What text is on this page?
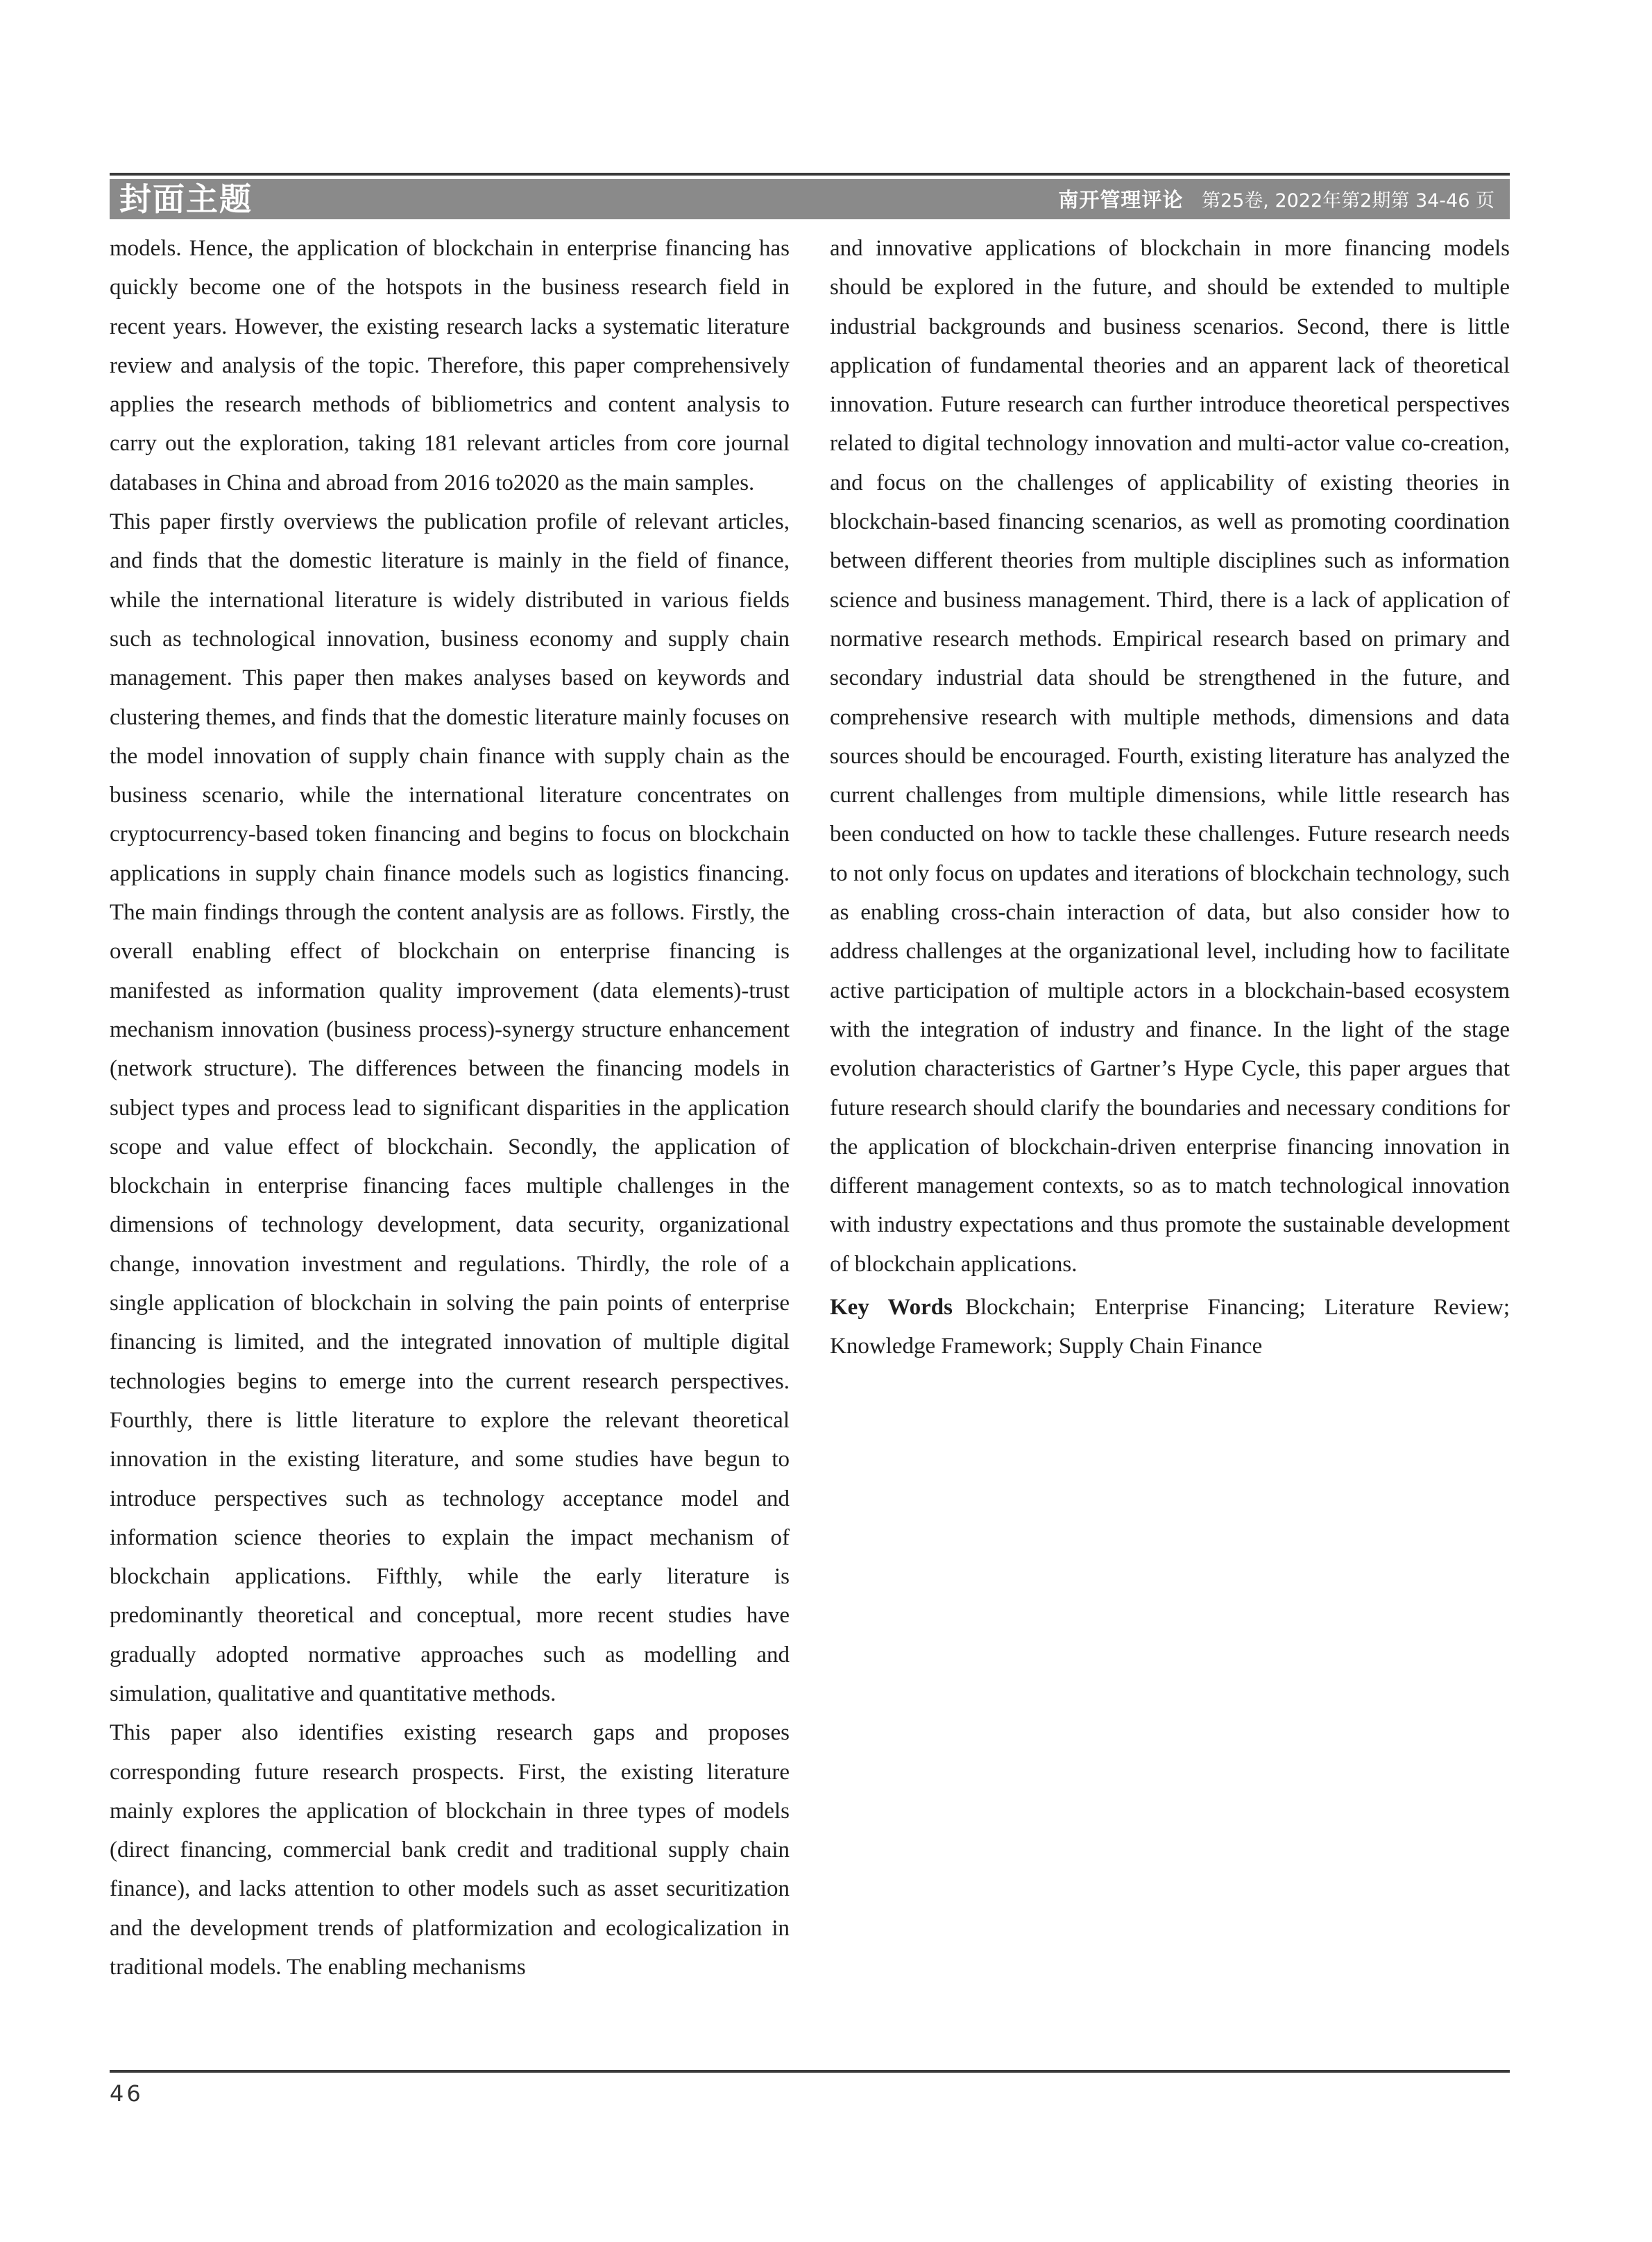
封面主题	南开管理评论 第25卷, 2022年第2期第 34-46 页

models. Hence, the application of blockchain in enterprise financing has quickly become one of the hotspots in the business research field in recent years. However, the existing research lacks a systematic literature review and analysis of the topic. Therefore, this paper comprehensively applies the research methods of bibliometrics and content analysis to carry out the exploration, taking 181 relevant articles from core journal databases in China and abroad from 2016 to2020 as the main samples.

This paper firstly overviews the publication profile of relevant articles, and finds that the domestic literature is mainly in the field of finance, while the international literature is widely distributed in various fields such as technological innovation, business economy and supply chain management. This paper then makes analyses based on keywords and clustering themes, and finds that the domestic literature mainly focuses on the model innovation of supply chain finance with supply chain as the business scenario, while the international literature concentrates on cryptocurrency-based token financing and begins to focus on blockchain applications in supply chain finance models such as logistics financing. The main findings through the content analysis are as follows. Firstly, the overall enabling effect of blockchain on enterprise financing is manifested as information quality improvement (data elements)-trust mechanism innovation (business process)-synergy structure enhancement (network structure). The differences between the financing models in subject types and process lead to significant disparities in the application scope and value effect of blockchain. Secondly, the application of blockchain in enterprise financing faces multiple challenges in the dimensions of technology development, data security, organizational change, innovation investment and regulations. Thirdly, the role of a single application of blockchain in solving the pain points of enterprise financing is limited, and the integrated innovation of multiple digital technologies begins to emerge into the current research perspectives. Fourthly, there is little literature to explore the relevant theoretical innovation in the existing literature, and some studies have begun to introduce perspectives such as technology acceptance model and information science theories to explain the impact mechanism of blockchain applications. Fifthly, while the early literature is predominantly theoretical and conceptual, more recent studies have gradually adopted normative approaches such as modelling and simulation, qualitative and quantitative methods.

This paper also identifies existing research gaps and proposes corresponding future research prospects. First, the existing literature mainly explores the application of blockchain in three types of models (direct financing, commercial bank credit and traditional supply chain finance), and lacks attention to other models such as asset securitization and the development trends of platformization and ecologicalization in traditional models. The enabling mechanisms

and innovative applications of blockchain in more financing models should be explored in the future, and should be extended to multiple industrial backgrounds and business scenarios. Second, there is little application of fundamental theories and an apparent lack of theoretical innovation. Future research can further introduce theoretical perspectives related to digital technology innovation and multi-actor value co-creation, and focus on the challenges of applicability of existing theories in blockchain-based financing scenarios, as well as promoting coordination between different theories from multiple disciplines such as information science and business management. Third, there is a lack of application of normative research methods. Empirical research based on primary and secondary industrial data should be strengthened in the future, and comprehensive research with multiple methods, dimensions and data sources should be encouraged. Fourth, existing literature has analyzed the current challenges from multiple dimensions, while little research has been conducted on how to tackle these challenges. Future research needs to not only focus on updates and iterations of blockchain technology, such as enabling cross-chain interaction of data, but also consider how to address challenges at the organizational level, including how to facilitate active participation of multiple actors in a blockchain-based ecosystem with the integration of industry and finance. In the light of the stage evolution characteristics of Gartner’s Hype Cycle, this paper argues that future research should clarify the boundaries and necessary conditions for the application of blockchain-driven enterprise financing innovation in different management contexts, so as to match technological innovation with industry expectations and thus promote the sustainable development of blockchain applications.

Key Words Blockchain; Enterprise Financing; Literature Review; Knowledge Framework; Supply Chain Finance

46
